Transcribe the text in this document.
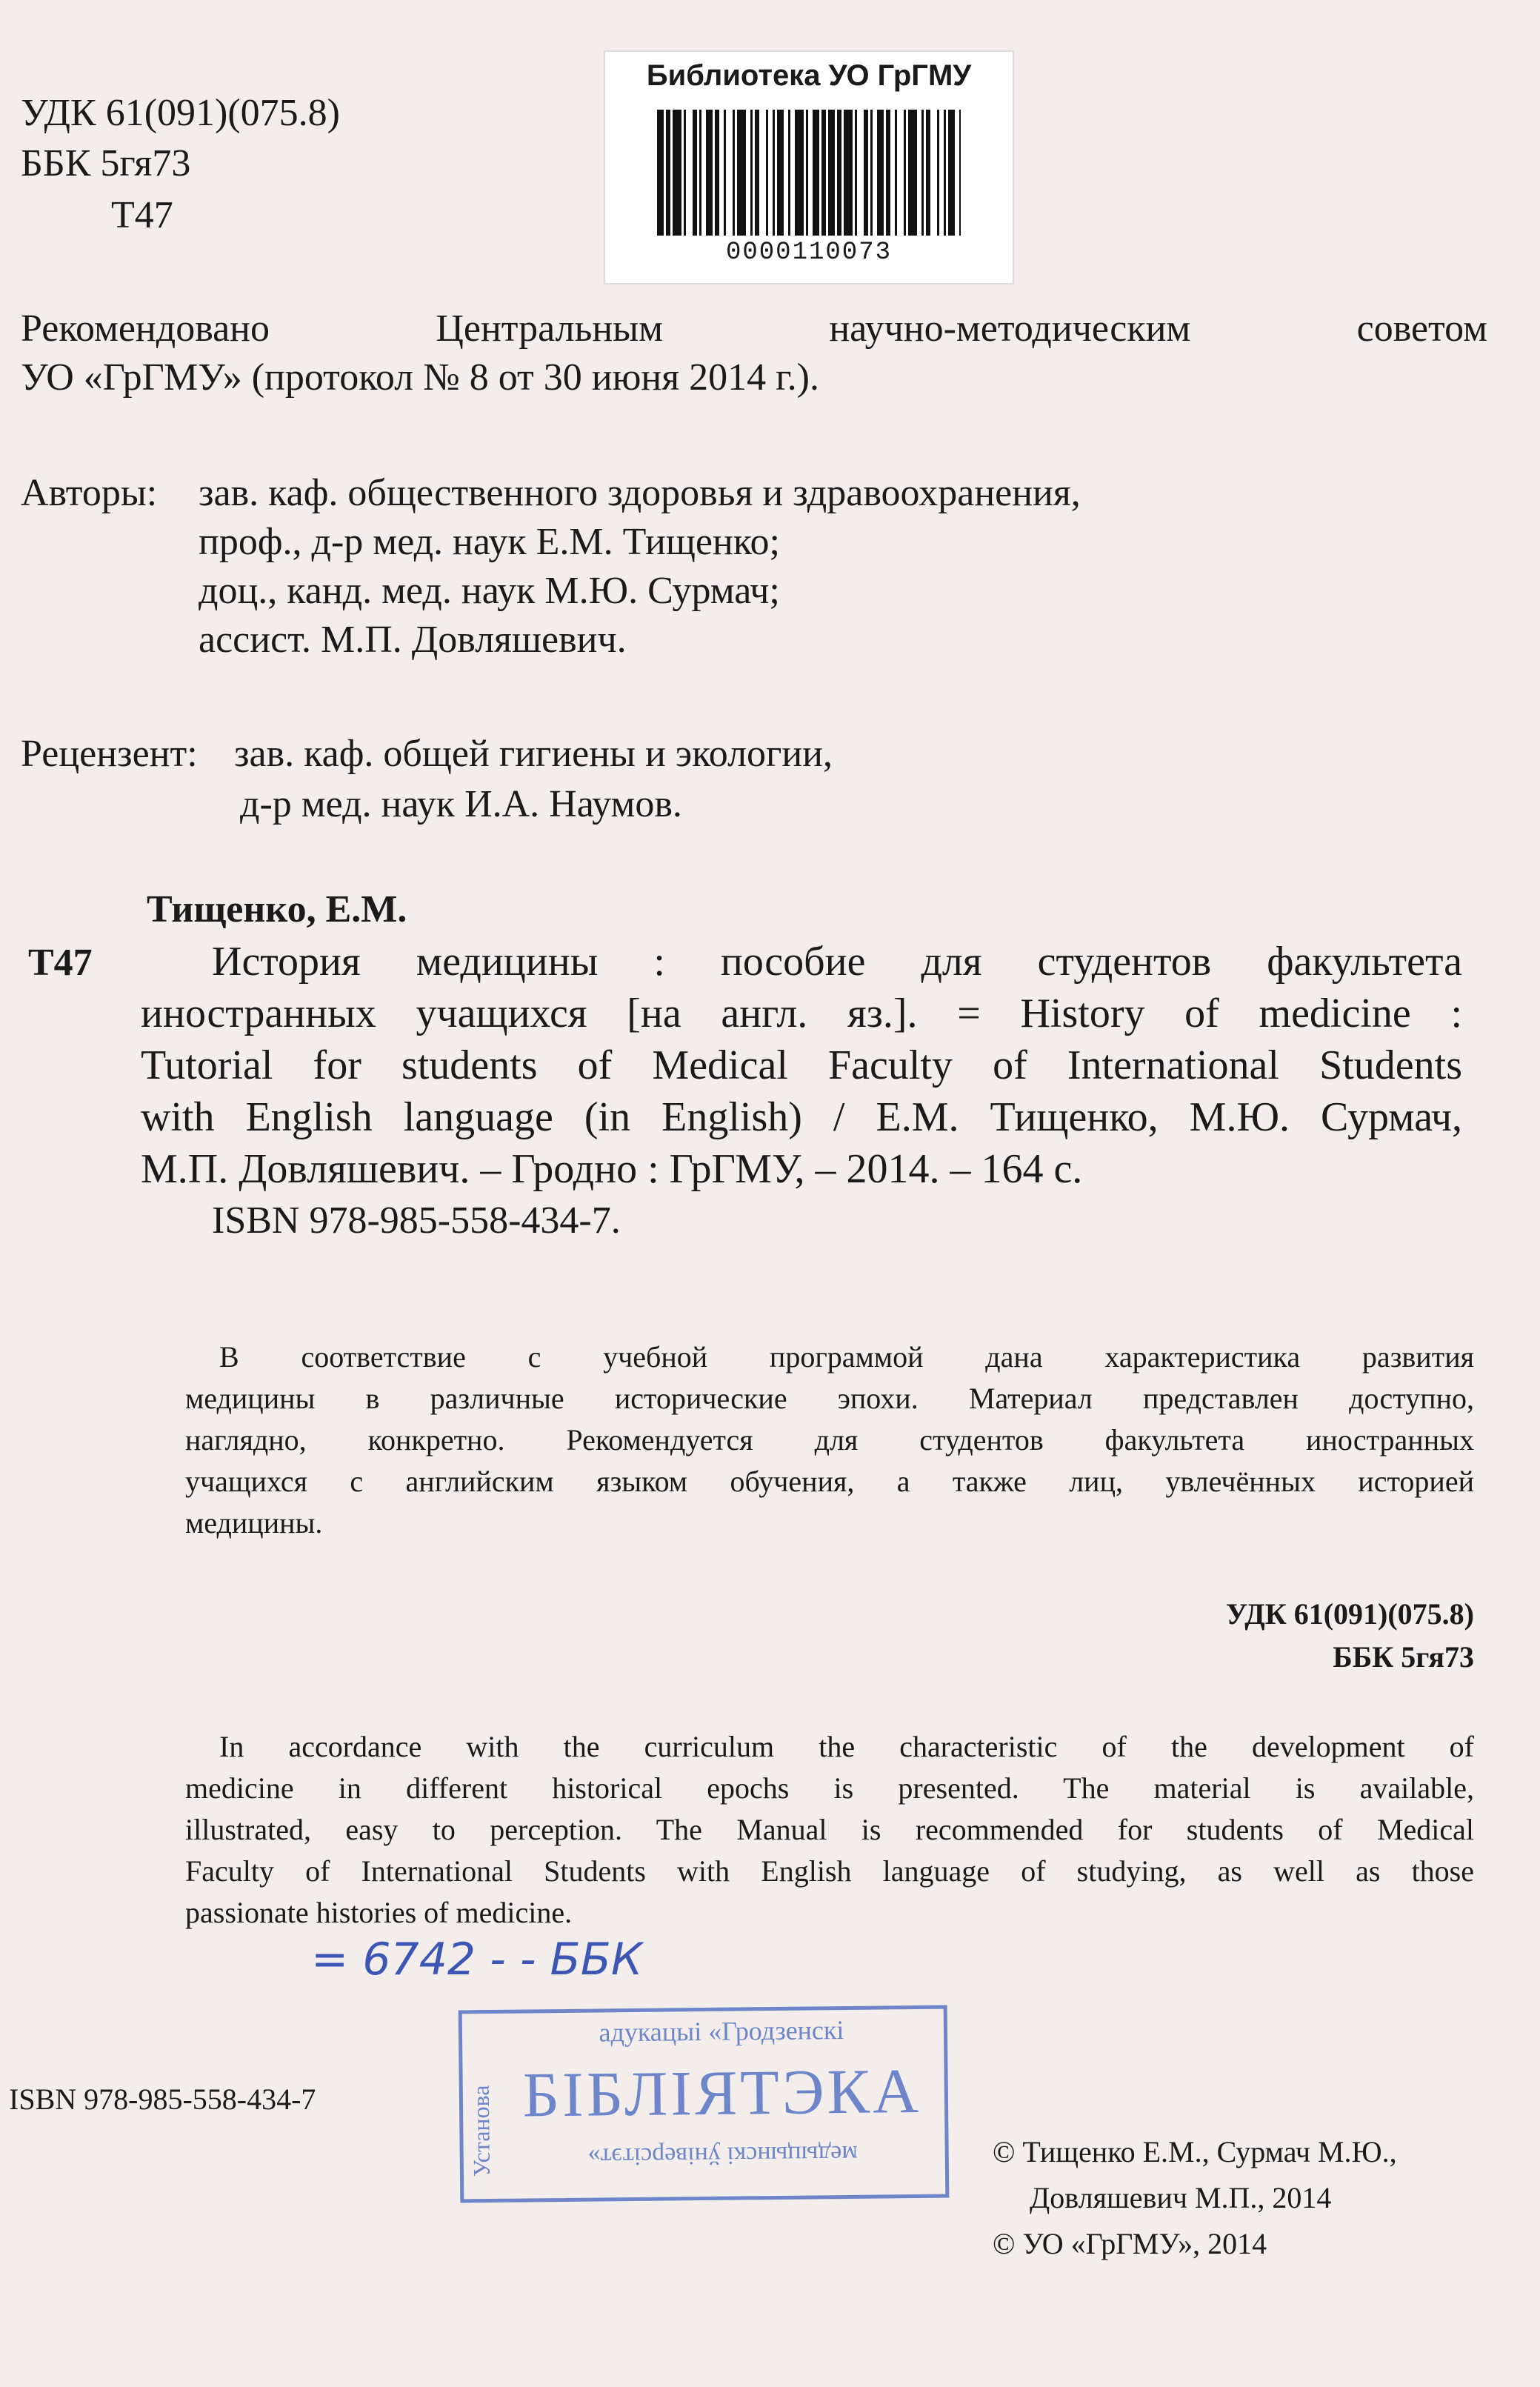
УДК 61(091)(075.8)
ББК 5гя73
Т47
Библиотека УО ГрГМУ
0000110073
Рекомендовано	Центральным	научно-методическим	советом
УО «ГрГМУ» (протокол № 8 от 30 июня 2014 г.).
Авторы: зав. каф. общественного здоровья и здравоохранения,
проф., д-р мед. наук Е.М. Тищенко;
доц., канд. мед. наук М.Ю. Сурмач;
ассист. М.П. Довляшевич.
Рецензент: зав. каф. общей гигиены и экологии,
д-р мед. наук И.А. Наумов.
Тищенко, Е.М.
Т47	История медицины : пособие для студентов факультета
иностранных учащихся [на англ. яз.]. = History of medicine :
Tutorial for students of Medical Faculty of International Students
with English language (in English) / Е.М. Тищенко, М.Ю. Сурмач,
М.П. Довляшевич. – Гродно : ГрГМУ, – 2014. – 164 с.
ISBN 978-985-558-434-7.
В соответствие с учебной программой дана характеристика развития
медицины в различные исторические эпохи. Материал представлен доступно,
наглядно, конкретно. Рекомендуется для студентов факультета иностранных
учащихся с английским языком обучения, а также лиц, увлечённых историей
медицины.
УДК 61(091)(075.8)
ББК 5гя73
In accordance with the curriculum the characteristic of the development of
medicine in different historical epochs is presented. The material is available,
illustrated, easy to perception. The Manual is recommended for students of Medical
Faculty of International Students with English language of studying, as well as those
passionate histories of medicine.
= 6742 - - ББК
адукацыі «Гродзенскі
БІБЛІЯТЭКА
медыцынскі ўніверсітэт»
Установа
ISBN 978-985-558-434-7
© Тищенко Е.М., Сурмач М.Ю.,
Довляшевич М.П., 2014
© УО «ГрГМУ», 2014
